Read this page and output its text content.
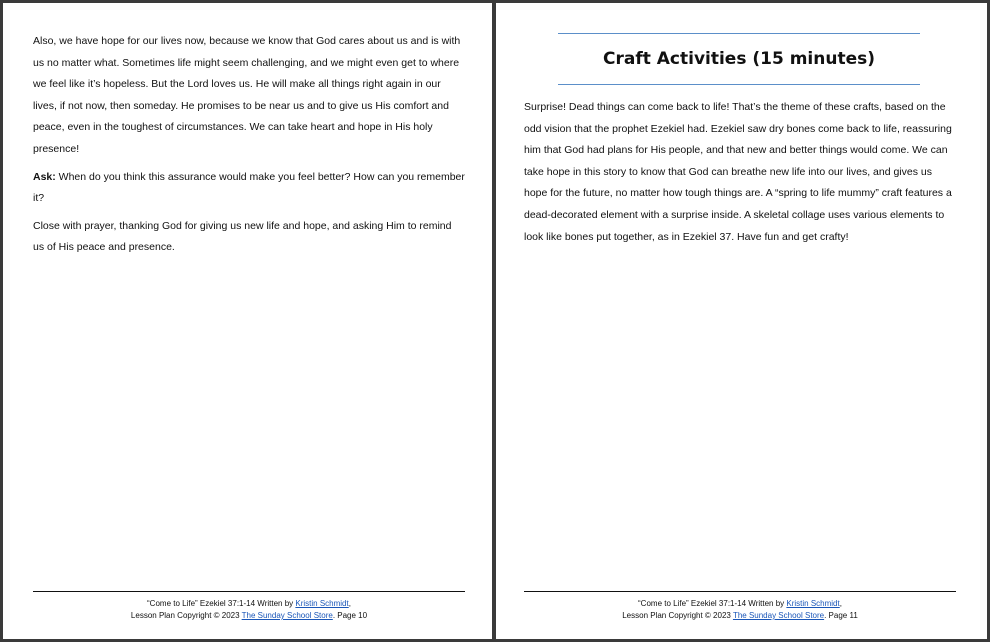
Also, we have hope for our lives now, because we know that God cares about us and is with us no matter what. Sometimes life might seem challenging, and we might even get to where we feel like it’s hopeless. But the Lord loves us. He will make all things right again in our lives, if not now, then someday. He promises to be near us and to give us His comfort and peace, even in the toughest of circumstances. We can take heart and hope in His holy presence!

Ask: When do you think this assurance would make you feel better? How can you remember it?

Close with prayer, thanking God for giving us new life and hope, and asking Him to remind us of His peace and presence.

“Come to Life” Ezekiel 37:1-14 Written by Kristin Schmidt,
Lesson Plan Copyright © 2023 The Sunday School Store. Page 10
Craft Activities (15 minutes)

Surprise! Dead things can come back to life! That’s the theme of these crafts, based on the odd vision that the prophet Ezekiel had. Ezekiel saw dry bones come back to life, reassuring him that God had plans for His people, and that new and better things would come. We can take hope in this story to know that God can breathe new life into our lives, and gives us hope for the future, no matter how tough things are. A “spring to life mummy” craft features a dead-decorated element with a surprise inside. A skeletal collage uses various elements to look like bones put together, as in Ezekiel 37. Have fun and get crafty!

“Come to Life” Ezekiel 37:1-14 Written by Kristin Schmidt,
Lesson Plan Copyright © 2023 The Sunday School Store. Page 11
